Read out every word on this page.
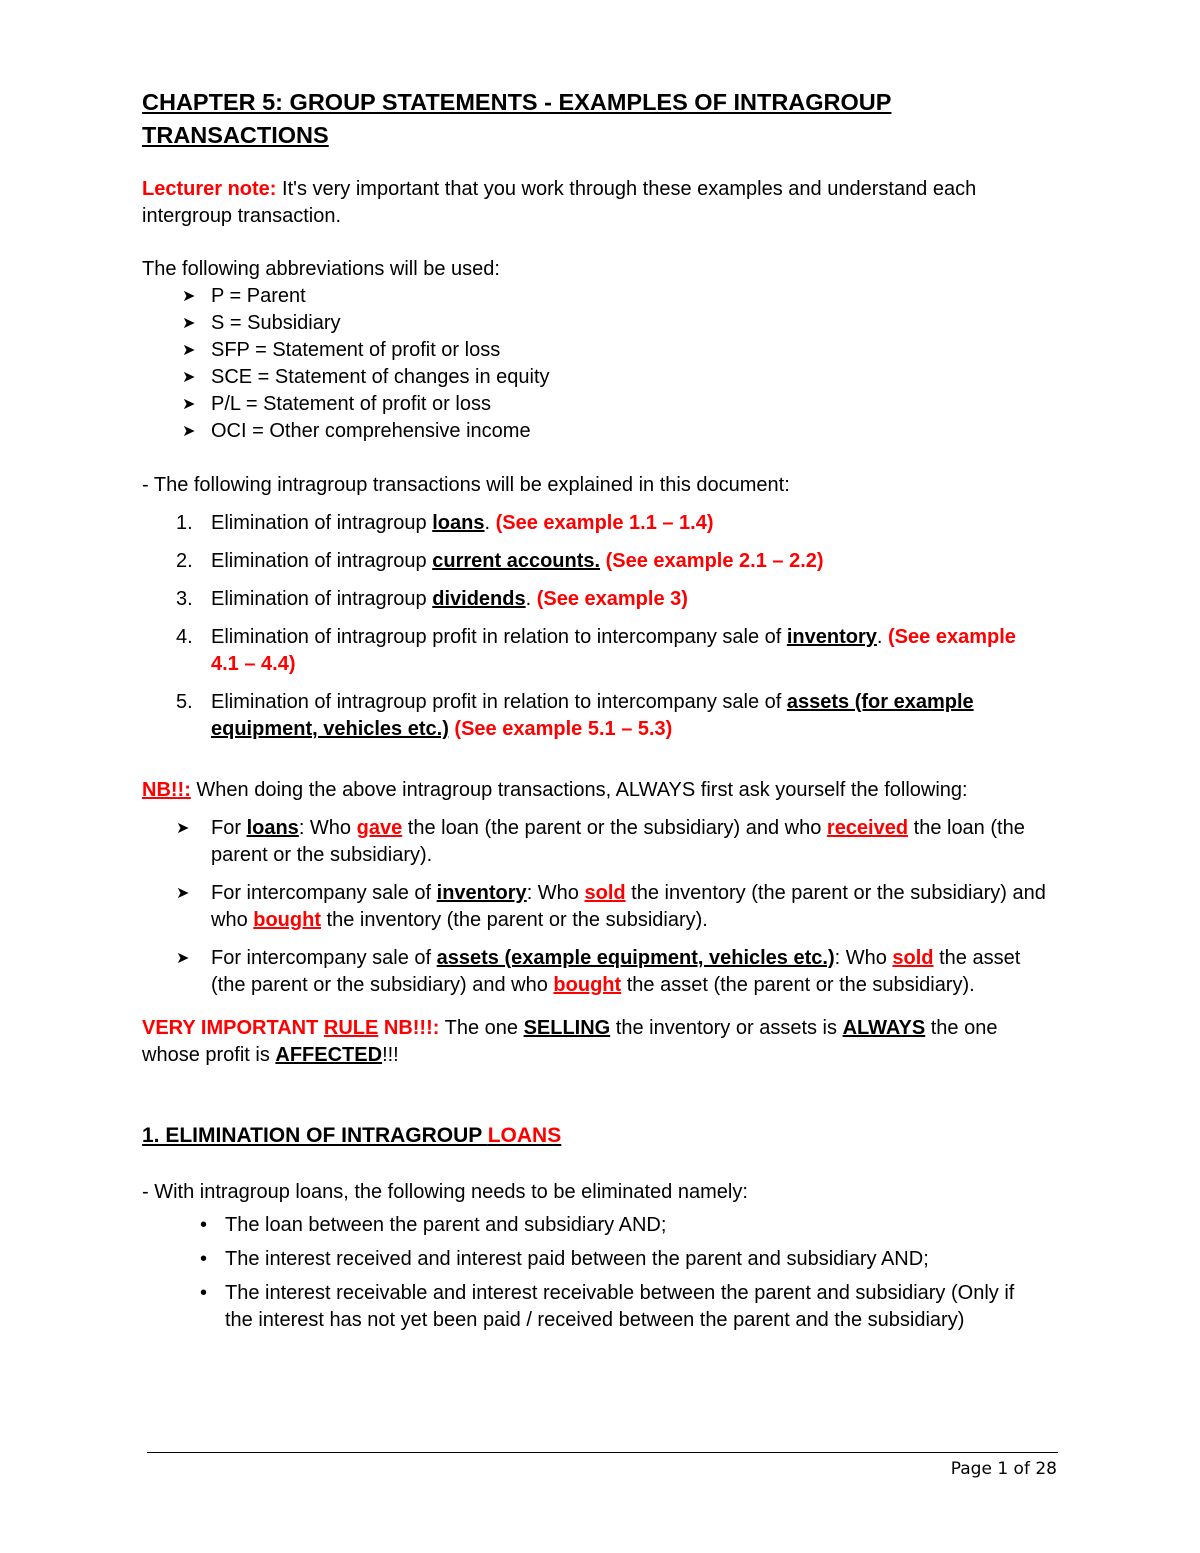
CHAPTER 5: GROUP STATEMENTS - EXAMPLES OF INTRAGROUP TRANSACTIONS

Lecturer note: It's very important that you work through these examples and understand each intergroup transaction.

The following abbreviations will be used:

➤ P = Parent
➤ S = Subsidiary
➤ SFP = Statement of profit or loss
➤ SCE = Statement of changes in equity
➤ P/L = Statement of profit or loss
➤ OCI = Other comprehensive income

- The following intragroup transactions will be explained in this document:

1. Elimination of intragroup loans. (See example 1.1 – 1.4)
2. Elimination of intragroup current accounts. (See example 2.1 – 2.2)
3. Elimination of intragroup dividends. (See example 3)
4. Elimination of intragroup profit in relation to intercompany sale of inventory. (See example 4.1 – 4.4)
5. Elimination of intragroup profit in relation to intercompany sale of assets (for example equipment, vehicles etc.) (See example 5.1 – 5.3)

NB!!: When doing the above intragroup transactions, ALWAYS first ask yourself the following:

➤ For loans: Who gave the loan (the parent or the subsidiary) and who received the loan (the parent or the subsidiary).
➤ For intercompany sale of inventory: Who sold the inventory (the parent or the subsidiary) and who bought the inventory (the parent or the subsidiary).
➤ For intercompany sale of assets (example equipment, vehicles etc.): Who sold the asset (the parent or the subsidiary) and who bought the asset (the parent or the subsidiary).

VERY IMPORTANT RULE NB!!!: The one SELLING the inventory or assets is ALWAYS the one whose profit is AFFECTED!!!

1. ELIMINATION OF INTRAGROUP LOANS

- With intragroup loans, the following needs to be eliminated namely:

• The loan between the parent and subsidiary AND;
• The interest received and interest paid between the parent and subsidiary AND;
• The interest receivable and interest receivable between the parent and subsidiary (Only if the interest has not yet been paid / received between the parent and the subsidiary)
Page 1 of 28
